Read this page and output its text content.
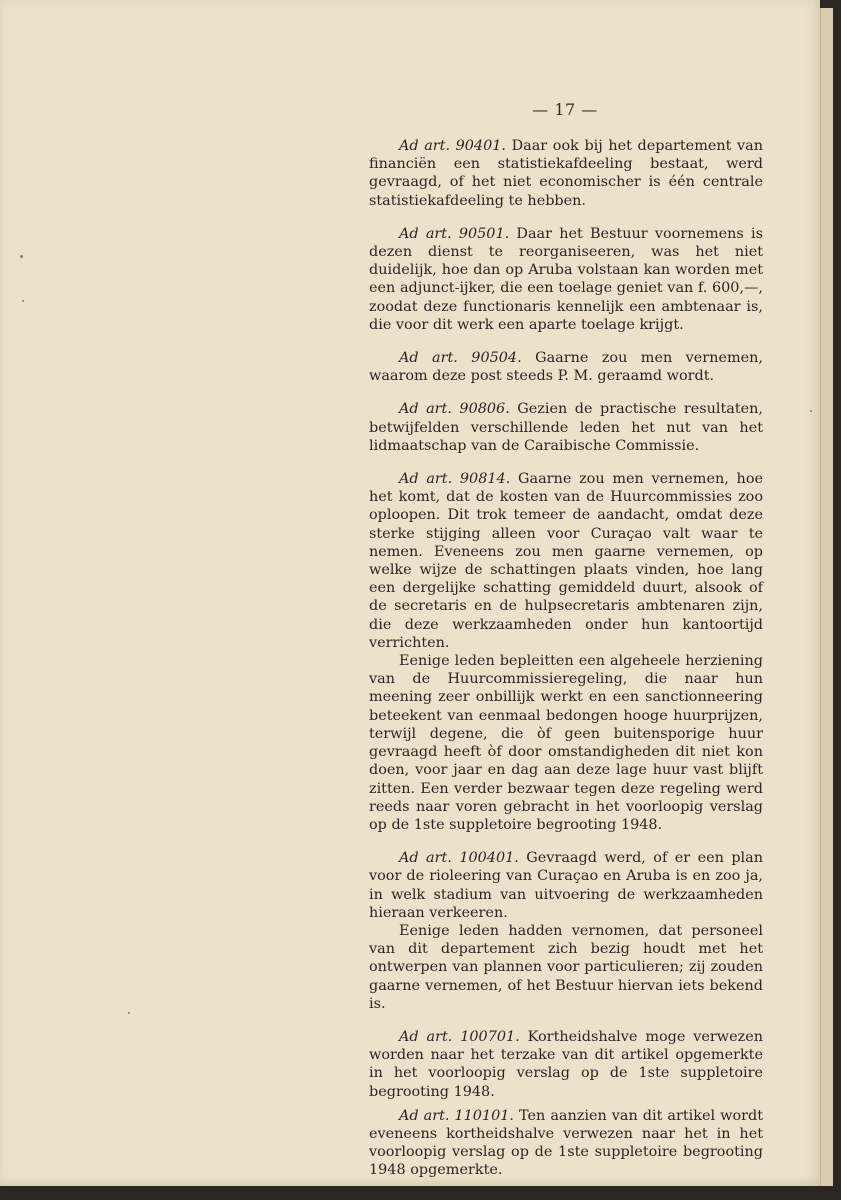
— 17 —

Ad art. 90401. Daar ook bij het departement van financiën een statistiekafdeeling bestaat, werd gevraagd, of het niet economischer is één centrale statistiekafdeeling te hebben.

Ad art. 90501. Daar het Bestuur voornemens is dezen dienst te reorganiseeren, was het niet duidelijk, hoe dan op Aruba volstaan kan worden met een adjunct-ijker, die een toelage geniet van f. 600,—, zoodat deze functionaris kennelijk een ambtenaar is, die voor dit werk een aparte toelage krijgt.

Ad art. 90504. Gaarne zou men vernemen, waarom deze post steeds P. M. geraamd wordt.

Ad art. 90806. Gezien de practische resultaten, betwijfelden verschillende leden het nut van het lidmaatschap van de Caraibische Commissie.

Ad art. 90814. Gaarne zou men vernemen, hoe het komt, dat de kosten van de Huurcommissies zoo oploopen. Dit trok temeer de aandacht, omdat deze sterke stijging alleen voor Curaçao valt waar te nemen. Eveneens zou men gaarne vernemen, op welke wijze de schattingen plaats vinden, hoe lang een dergelijke schatting gemiddeld duurt, alsook of de secretaris en de hulpsecretaris ambtenaren zijn, die deze werkzaamheden onder hun kantoortijd verrichten.

Eenige leden bepleitten een algeheele herziening van de Huurcommissieregeling, die naar hun meening zeer onbillijk werkt en een sanctionneering beteekent van eenmaal bedongen hooge huurprijzen, terwijl degene, die òf geen buitensporige huur gevraagd heeft òf door omstandigheden dit niet kon doen, voor jaar en dag aan deze lage huur vast blijft zitten. Een verder bezwaar tegen deze regeling werd reeds naar voren gebracht in het voorloopig verslag op de 1ste suppletoire begrooting 1948.

Ad art. 100401. Gevraagd werd, of er een plan voor de rioleering van Curaçao en Aruba is en zoo ja, in welk stadium van uitvoering de werkzaamheden hieraan verkeeren.

Eenige leden hadden vernomen, dat personeel van dit departement zich bezig houdt met het ontwerpen van plannen voor particulieren; zij zouden gaarne vernemen, of het Bestuur hiervan iets bekend is.

Ad art. 100701. Kortheidshalve moge verwezen worden naar het terzake van dit artikel opgemerkte in het voorloopig verslag op de 1ste suppletoire begrooting 1948.

Ad art. 110101. Ten aanzien van dit artikel wordt eveneens kortheidshalve verwezen naar het in het voorloopig verslag op de 1ste suppletoire begrooting 1948 opgemerkte.
